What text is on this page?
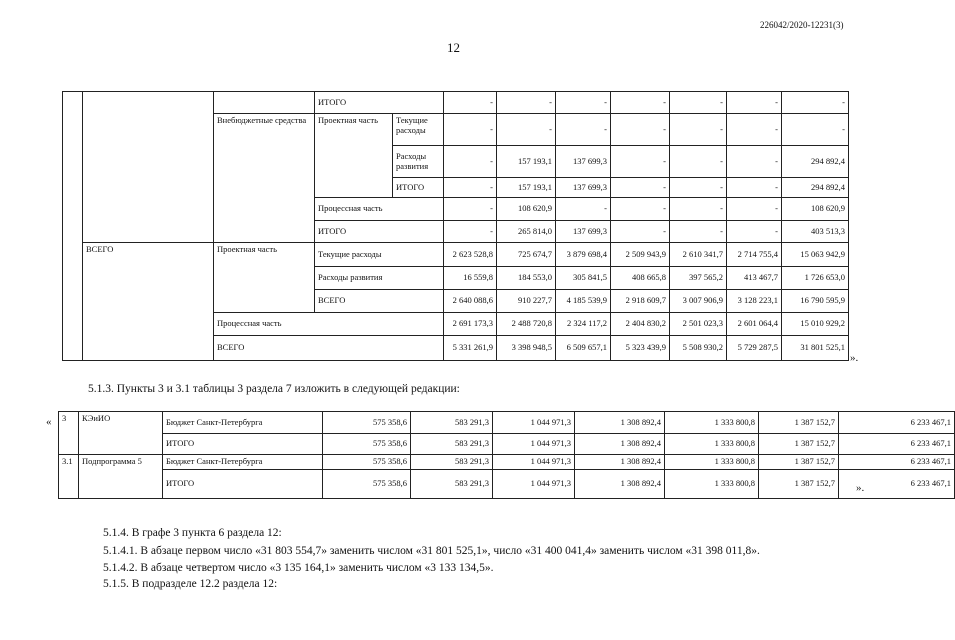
226042/2020-12231(3)
12
			ИТОГО		-	-	-	-	-	-	-
		Внебюджетные средства	Проектная часть	Текущие расходы	-	-	-	-	-	-	-
				Расходы развития	-	157 193,1	137 699,3	-	-	-	294 892,4
				ИТОГО	-	157 193,1	137 699,3	-	-	-	294 892,4
			Процессная часть		-	108 620,9	-	-	-	-	108 620,9
			ИТОГО		-	265 814,0	137 699,3	-	-	-	403 513,3
	ВСЕГО	Проектная часть	Текущие расходы		2 623 528,8	725 674,7	3 879 698,4	2 509 943,9	2 610 341,7	2 714 755,4	15 063 942,9
			Расходы развития		16 559,8	184 553,0	305 841,5	408 665,8	397 565,2	413 467,7	1 726 653,0
			ВСЕГО		2 640 088,6	910 227,7	4 185 539,9	2 918 609,7	3 007 906,9	3 128 223,1	16 790 595,9
		Процессная часть			2 691 173,3	2 488 720,8	2 324 117,2	2 404 830,2	2 501 023,3	2 601 064,4	15 010 929,2
		ВСЕГО			5 331 261,9	3 398 948,5	6 509 657,1	5 323 439,9	5 508 930,2	5 729 287,5	31 801 525,1
».
5.1.3. Пункты 3 и 3.1 таблицы 3 раздела 7 изложить в следующей редакции:
« 3	КЭиИО	Бюджет Санкт-Петербурга	575 358,6	583 291,3	1 044 971,3	1 308 892,4	1 333 800,8	1 387 152,7	6 233 467,1
		ИТОГО	575 358,6	583 291,3	1 044 971,3	1 308 892,4	1 333 800,8	1 387 152,7	6 233 467,1
3.1	Подпрограмма 5	Бюджет Санкт-Петербурга	575 358,6	583 291,3	1 044 971,3	1 308 892,4	1 333 800,8	1 387 152,7	6 233 467,1
		ИТОГО	575 358,6	583 291,3	1 044 971,3	1 308 892,4	1 333 800,8	1 387 152,7	6 233 467,1
».
5.1.4. В графе 3 пункта 6 раздела 12:
5.1.4.1. В абзаце первом число «31 803 554,7» заменить числом «31 801 525,1», число «31 400 041,4» заменить числом «31 398 011,8».
5.1.4.2. В абзаце четвертом число «3 135 164,1» заменить числом «3 133 134,5».
5.1.5. В подразделе 12.2 раздела 12:
